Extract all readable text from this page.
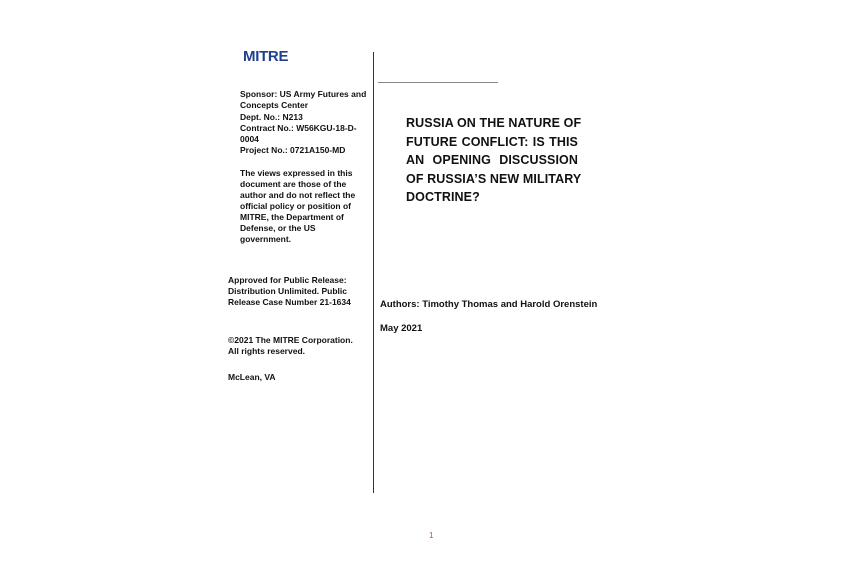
MITRE
Sponsor: US Army Futures and
Concepts Center
Dept. No.: N213
Contract No.: W56KGU-18-D-
0004
Project No.: 0721A150-MD
The views expressed in this
document are those of the
author and do not reflect the
official policy or position of
MITRE, the Department of
Defense, or the US
government.
Approved for Public Release:
Distribution Unlimited. Public
Release Case Number 21-1634
©2021 The MITRE Corporation.
All rights reserved.
McLean, VA
RUSSIA ON THE NATURE OF
FUTURE CONFLICT: IS THIS
AN OPENING DISCUSSION
OF RUSSIA’S NEW MILITARY
DOCTRINE?
Authors: Timothy Thomas and Harold Orenstein
May 2021
1
